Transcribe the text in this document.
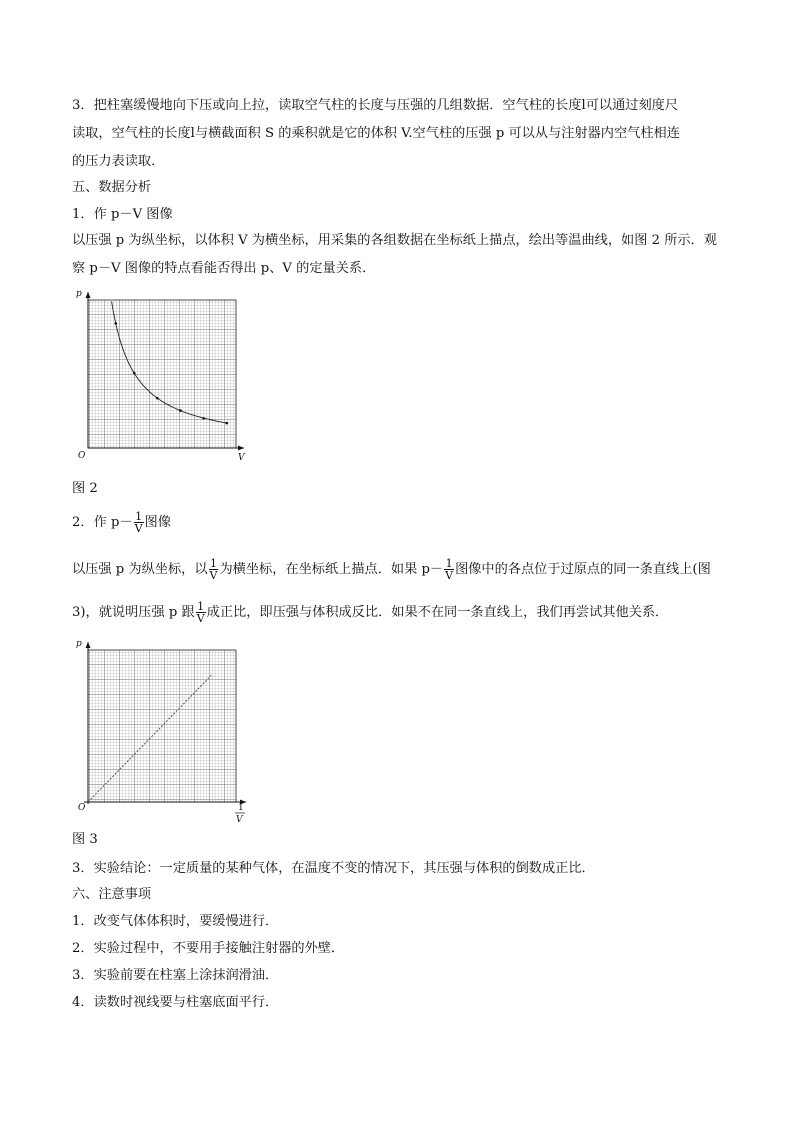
3．把柱塞缓慢地向下压或向上拉，读取空气柱的长度与压强的几组数据．空气柱的长度l可以通过刻度尺
读取，空气柱的长度l与横截面积 S 的乘积就是它的体积 V.空气柱的压强 p 可以从与注射器内空气柱相连
的压力表读取．
五、数据分析
1．作 p－V 图像
以压强 p 为纵坐标，以体积 V 为横坐标，用采集的各组数据在坐标纸上描点，绘出等温曲线，如图 2 所示．观
察 p－V 图像的特点看能否得出 p、V 的定量关系．
p
V
O
图 2
2．作 $p- \frac{1}{V}$ 图像
以压强 p 为纵坐标，以 $\frac{1}{V}$ 为横坐标，在坐标纸上描点．如果 $p- \frac{1}{V}$ 图像中的各点位于过原点的同一条直线上(图
3)，就说明压强 p 跟 $\frac{1}{V}$ 成正比，即压强与体积成反比．如果不在同一条直线上，我们再尝试其他关系．
p
1
V
O
图 3
3．实验结论：一定质量的某种气体，在温度不变的情况下，其压强与体积的倒数成正比．
六、注意事项
1．改变气体体积时，要缓慢进行．
2．实验过程中，不要用手接触注射器的外壁．
3．实验前要在柱塞上涂抹润滑油．
4．读数时视线要与柱塞底面平行．
